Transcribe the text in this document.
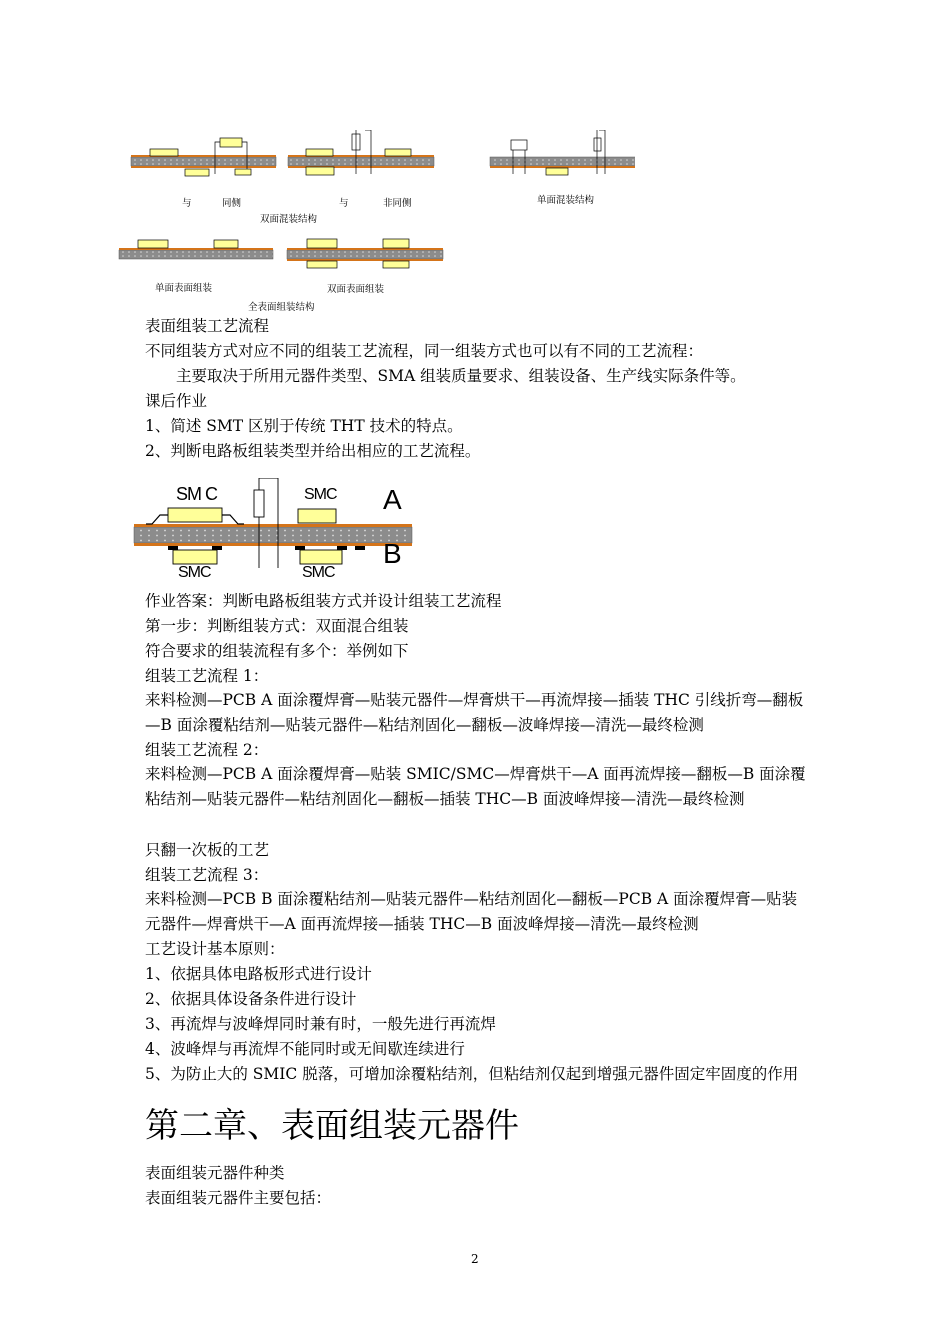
与	同侧	与	非同侧
双面混装结构
单面混装结构
单面表面组装	双面表面组装
全表面组装结构
表面组装工艺流程
不同组装方式对应不同的组装工艺流程，同一组装方式也可以有不同的工艺流程：
主要取决于所用元器件类型、SMA 组装质量要求、组装设备、生产线实际条件等。
课后作业
1、简述 SMT 区别于传统 THT 技术的特点。
2、判断电路板组装类型并给出相应的工艺流程。
SM C	SMC A
B
SMC	SMC
作业答案：判断电路板组装方式并设计组装工艺流程
第一步：判断组装方式：双面混合组装
符合要求的组装流程有多个：举例如下
组装工艺流程 1：
来料检测—PCB A 面涂覆焊膏—贴装元器件—焊膏烘干—再流焊接—插装 THC 引线折弯—翻板—B 面涂覆粘结剂—贴装元器件—粘结剂固化—翻板—波峰焊接—清洗—最终检测
组装工艺流程 2：
来料检测—PCB A 面涂覆焊膏—贴装 SMIC/SMC—焊膏烘干—A 面再流焊接—翻板—B 面涂覆粘结剂—贴装元器件—粘结剂固化—翻板—插装 THC—B 面波峰焊接—清洗—最终检测
只翻一次板的工艺
组装工艺流程 3：
来料检测—PCB B 面涂覆粘结剂—贴装元器件—粘结剂固化—翻板—PCB A 面涂覆焊膏—贴装元器件—焊膏烘干—A 面再流焊接—插装 THC—B 面波峰焊接—清洗—最终检测
工艺设计基本原则：
1、依据具体电路板形式进行设计
2、依据具体设备条件进行设计
3、再流焊与波峰焊同时兼有时，一般先进行再流焊
4、波峰焊与再流焊不能同时或无间歇连续进行
5、为防止大的 SMIC 脱落，可增加涂覆粘结剂，但粘结剂仅起到增强元器件固定牢固度的作用
第二章、表面组装元器件
表面组装元器件种类
表面组装元器件主要包括：
2
